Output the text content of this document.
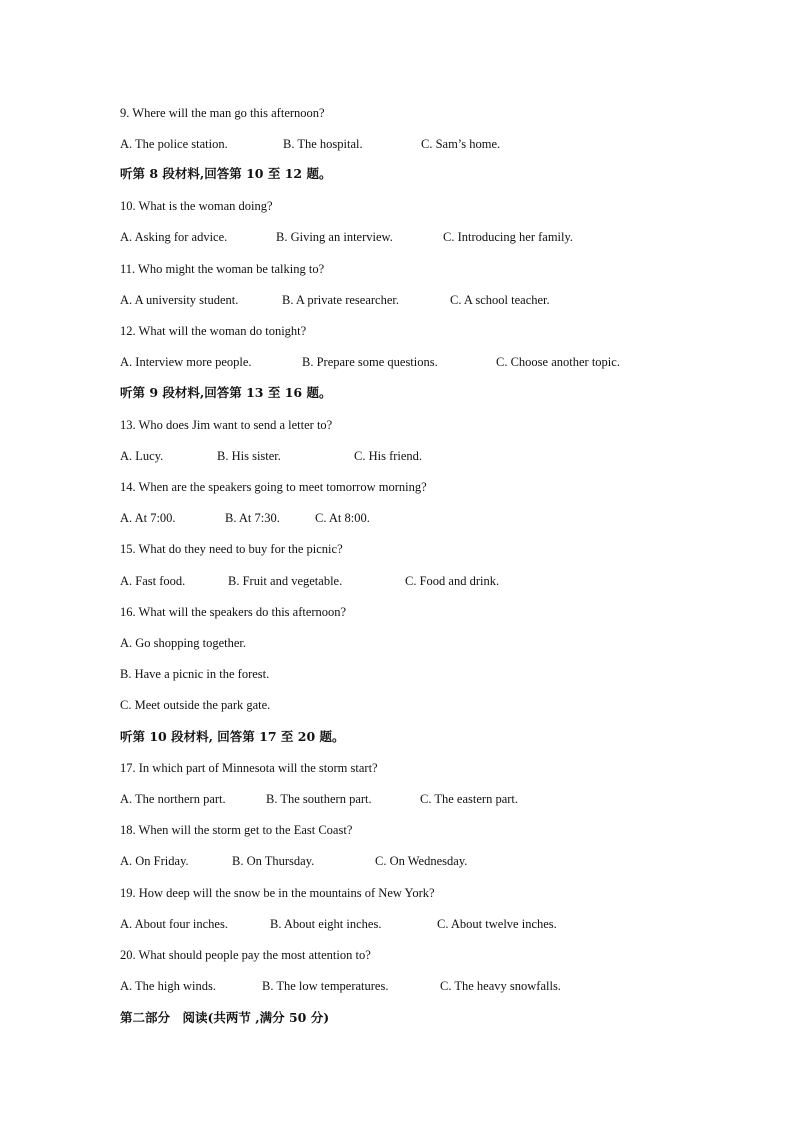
9. Where will the man go this afternoon?
A. The police station.	B. The hospital.	C. Sam’s home.
听第 8 段材料,回答第 10 至 12 题。
10. What is the woman doing?
A. Asking for advice.	B. Giving an interview.	C. Introducing her family.
11. Who might the woman be talking to?
A. A university student.	B. A private researcher.	C. A school teacher.
12. What will the woman do tonight?
A. Interview more people.	B. Prepare some questions.	C. Choose another topic.
听第 9 段材料,回答第 13 至 16 题。
13. Who does Jim want to send a letter to?
A. Lucy.	B. His sister.	C. His friend.
14. When are the speakers going to meet tomorrow morning?
A. At 7:00.	B. At 7:30.	C. At 8:00.
15. What do they need to buy for the picnic?
A. Fast food.	B. Fruit and vegetable.	C. Food and drink.
16. What will the speakers do this afternoon?
A. Go shopping together.
B. Have a picnic in the forest.
C. Meet outside the park gate.
听第 10 段材料, 回答第 17 至 20 题。
17. In which part of Minnesota will the storm start?
A. The northern part.	B. The southern part.	C. The eastern part.
18. When will the storm get to the East Coast?
A. On Friday.	B. On Thursday.	C. On Wednesday.
19. How deep will the snow be in the mountains of New York?
A. About four inches.	B. About eight inches.	C. About twelve inches.
20. What should people pay the most attention to?
A. The high winds.	B. The low temperatures.	C. The heavy snowfalls.
第二部分　阅读(共两节 ,满分 50 分)
